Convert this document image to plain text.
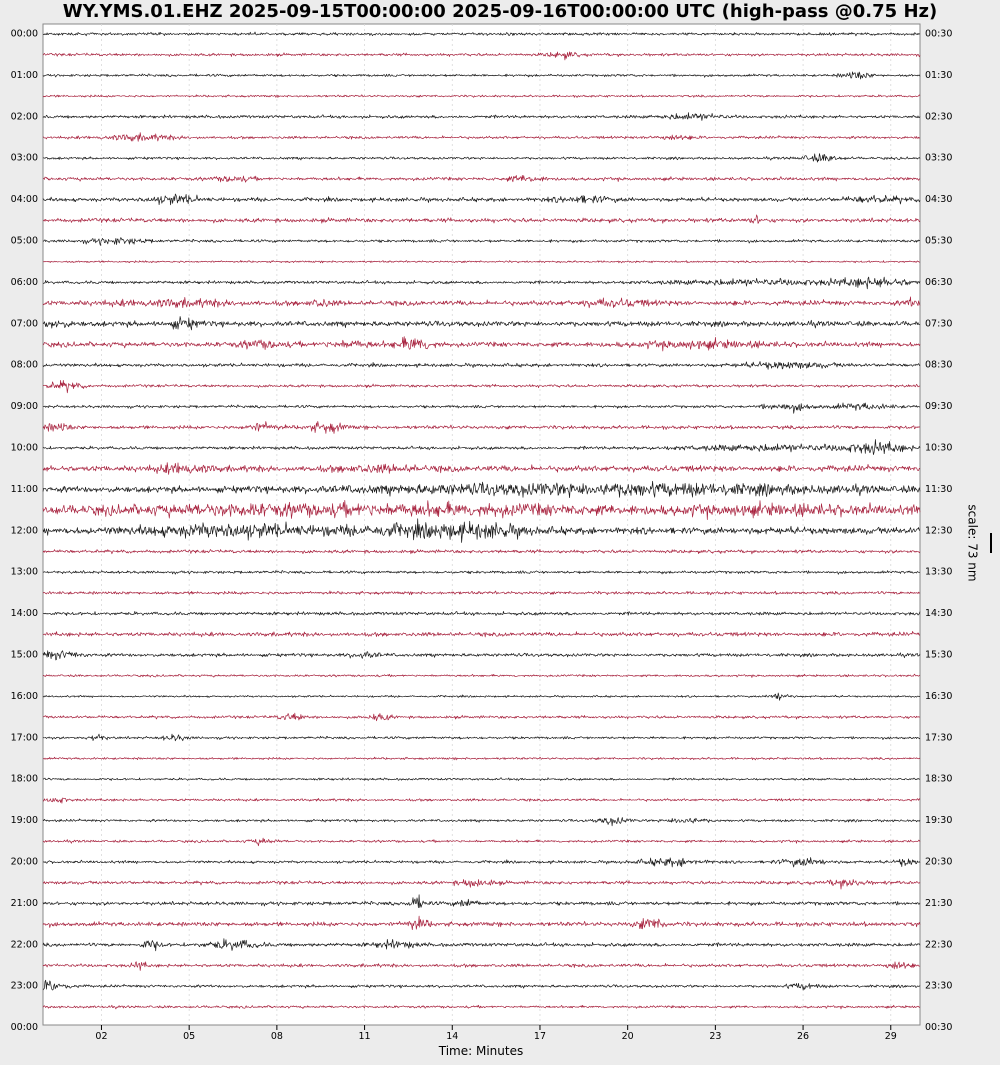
WY.YMS.01.EHZ 2025-09-15T00:00:00 2025-09-16T00:00:00 UTC (high-pass @0.75 Hz)
00:00
01:00
02:00
03:00
04:00
05:00
06:00
07:00
08:00
09:00
10:00
11:00
12:00
13:00
14:00
15:00
16:00
17:00
18:00
19:00
20:00
21:00
22:00
23:00
00:00
00:30
01:30
02:30
03:30
04:30
05:30
06:30
07:30
08:30
09:30
10:30
11:30
12:30
13:30
14:30
15:30
16:30
17:30
18:30
19:30
20:30
21:30
22:30
23:30
00:30
02	05	08	11	14	17	20	23	26	29
Time: Minutes
scale: 73 nm
